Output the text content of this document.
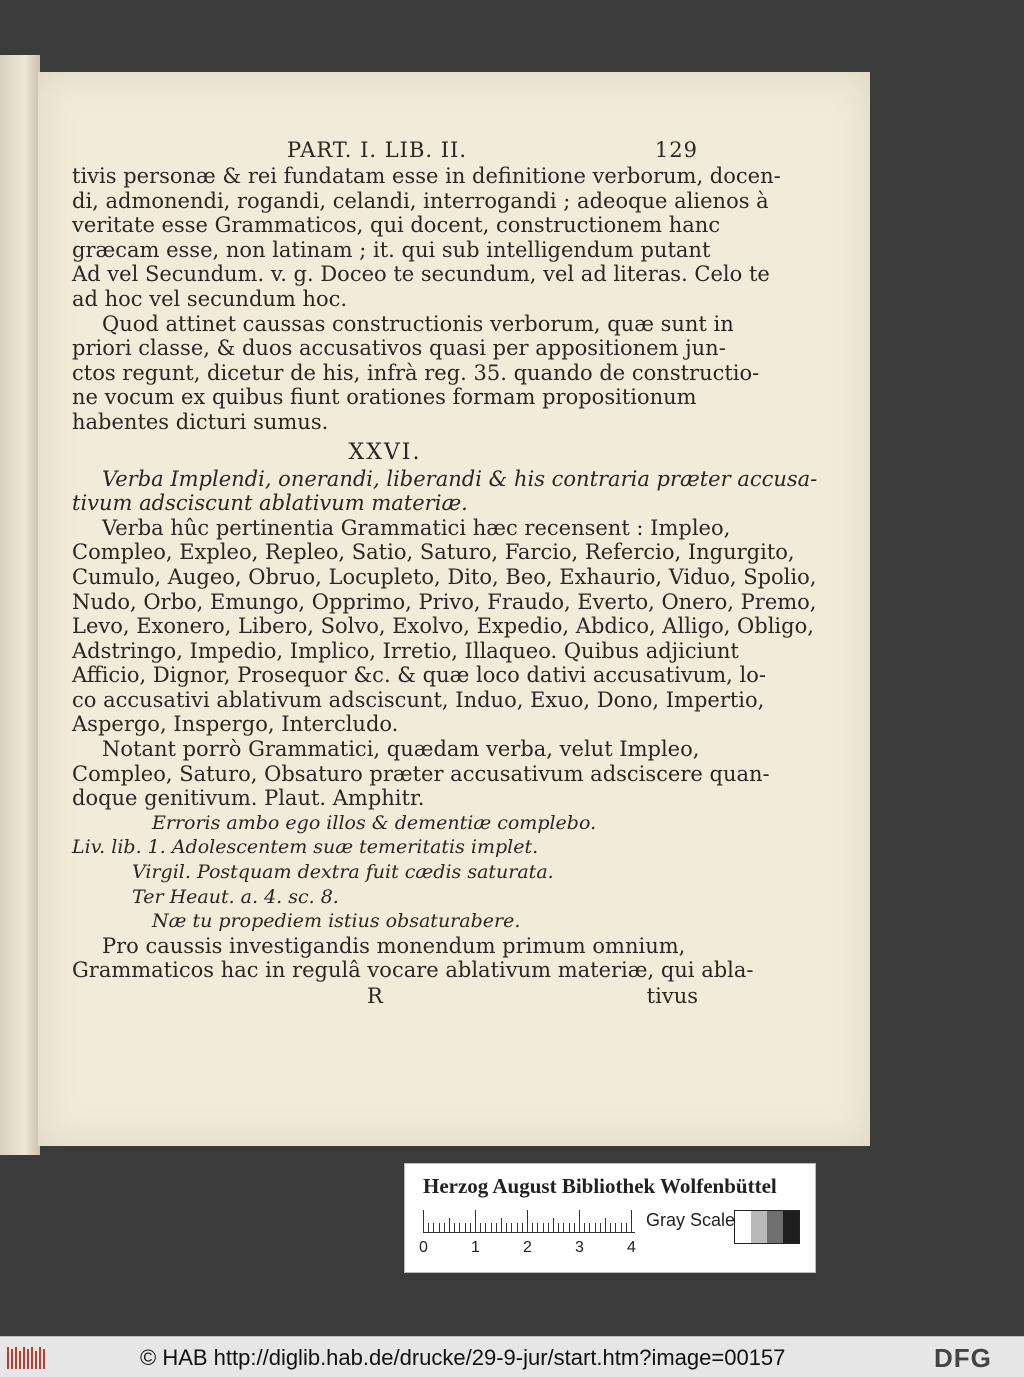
PART. I. LIB. II.	129
tivis personæ & rei fundatam esse in definitione verborum, docen-
di, admonendi, rogandi, celandi, interrogandi ; adeoque alienos à
veritate esse Grammaticos, qui docent, constructionem hanc
græcam esse, non latinam ; it. qui sub intelligendum putant
Ad vel Secundum. v. g. Doceo te secundum, vel ad literas. Celo te
ad hoc vel secundum hoc.
Quod attinet caussas constructionis verborum, quæ sunt in
priori classe, & duos accusativos quasi per appositionem jun-
ctos regunt, dicetur de his, infrà reg. 35. quando de constructio-
ne vocum ex quibus fiunt orationes formam propositionum
habentes dicturi sumus.
XXVI.
Verba Implendi, onerandi, liberandi & his contraria præter accusa-
tivum adsciscunt ablativum materiæ.
Verba hûc pertinentia Grammatici hæc recensent : Impleo,
Compleo, Expleo, Repleo, Satio, Saturo, Farcio, Refercio, Ingurgito,
Cumulo, Augeo, Obruo, Locupleto, Dito, Beo, Exhaurio, Viduo, Spolio,
Nudo, Orbo, Emungo, Opprimo, Privo, Fraudo, Everto, Onero, Premo,
Levo, Exonero, Libero, Solvo, Exolvo, Expedio, Abdico, Alligo, Obligo,
Adstringo, Impedio, Implico, Irretio, Illaqueo. Quibus adjiciunt
Afficio, Dignor, Prosequor &c. & quæ loco dativi accusativum, lo-
co accusativi ablativum adsciscunt, Induo, Exuo, Dono, Impertio,
Aspergo, Inspergo, Intercludo.
Notant porrò Grammatici, quædam verba, velut Impleo,
Compleo, Saturo, Obsaturo præter accusativum adsciscere quan-
doque genitivum. Plaut. Amphitr.
Erroris ambo ego illos & dementiæ complebo.
Liv. lib. 1. Adolescentem suæ temeritatis implet.
Virgil. Postquam dextra fuit cædis saturata.
Ter Heaut. a. 4. sc. 8.
Næ tu propediem istius obsaturabere.
Pro caussis investigandis monendum primum omnium,
Grammaticos hac in regulâ vocare ablativum materiæ, qui abla-
R	tivus
Herzog August Bibliothek Wolfenbüttel
0	1	2	3	4
Gray Scale
© HAB http://diglib.hab.de/drucke/29-9-jur/start.htm?image=00157	DFG
